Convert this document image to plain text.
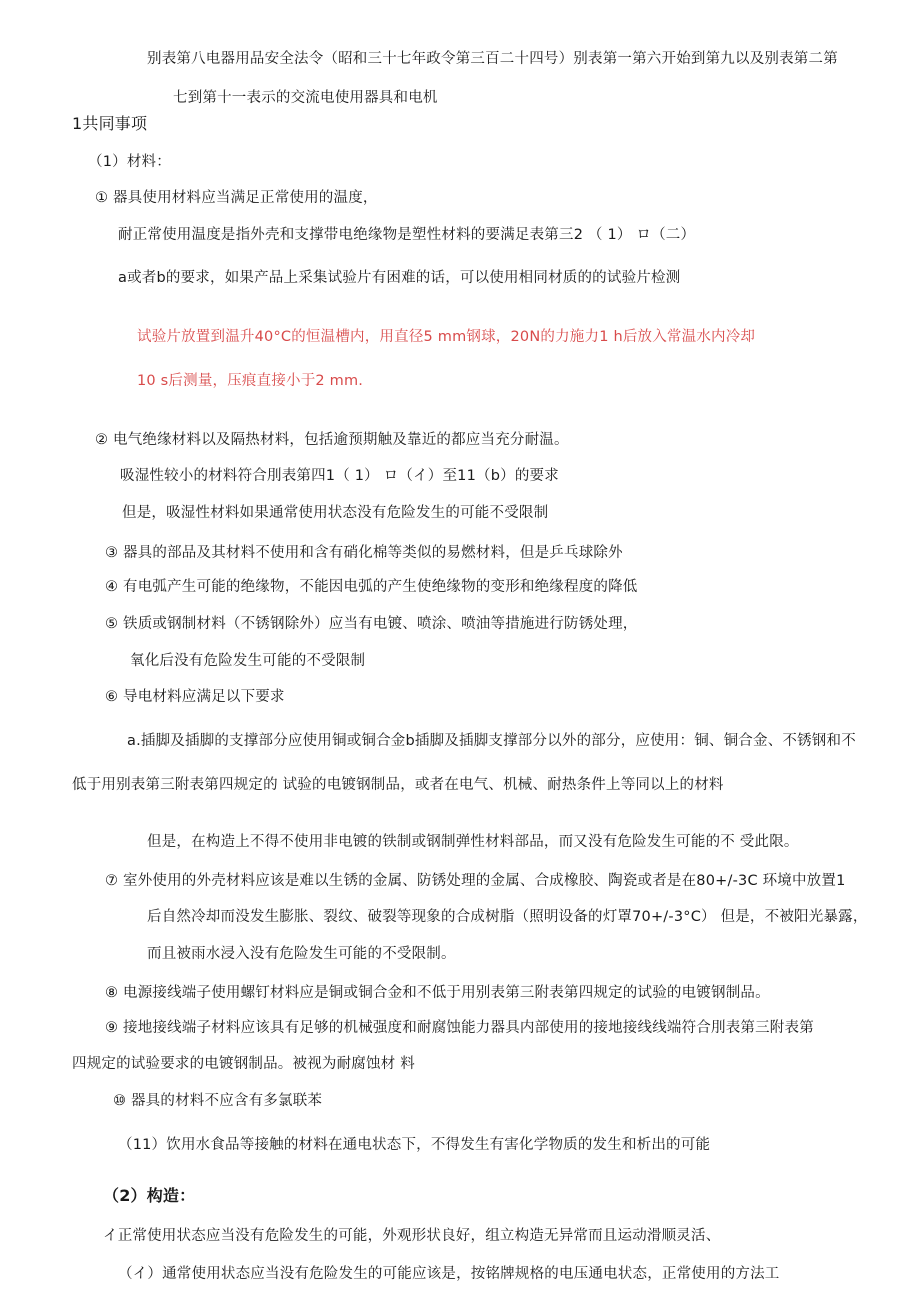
别表第八电器用品安全法令（昭和三十七年政令第三百二十四号）别表第一第六开始到第九以及别表第二第
七到第十一表示的交流电使用器具和电机
1共同事项
（1）材料：
① 器具使用材料应当满足正常使用的温度，
耐正常使用温度是指外壳和支撑带电绝缘物是塑性材料的要满足表第三2 （ 1） ロ（二）
a或者b的要求，如果产品上采集试验片有困难的话，可以使用相同材质的的试验片检测
试验片放置到温升40°C的恒温槽内，用直径5 mm钢球，20N的力施力1 h后放入常温水内冷却
10 s后测量，压痕直接小于2 mm.
② 电气绝缘材料以及隔热材料，包括逾预期触及靠近的都应当充分耐温。
吸湿性较小的材料符合刖表第四1（ 1） ロ（イ）至11（b）的要求
但是，吸湿性材料如果通常使用状态没有危险发生的可能不受限制
③ 器具的部品及其材料不使用和含有硝化棉等类似的易燃材料，但是乒乓球除外
④ 有电弧产生可能的绝缘物，不能因电弧的产生使绝缘物的变形和绝缘程度的降低
⑤ 铁质或钢制材料（不锈钢除外）应当有电镀、喷涂、喷油等措施进行防锈处理，
氧化后没有危险发生可能的不受限制
⑥ 导电材料应满足以下要求
a.插脚及插脚的支撑部分应使用铜或铜合金b插脚及插脚支撑部分以外的部分，应使用：铜、铜合金、不锈钢和不
低于用别表第三附表第四规定的 试验的电镀钢制品，或者在电气、机械、耐热条件上等同以上的材料
但是，在构造上不得不使用非电镀的铁制或钢制弹性材料部品，而又没有危险发生可能的不 受此限。
⑦ 室外使用的外壳材料应该是难以生锈的金属、防锈处理的金属、合成橡胶、陶瓷或者是在80+/-3C 环境中放置1
后自然冷却而没发生膨胀、裂纹、破裂等现象的合成树脂（照明设备的灯罩70+/-3°C） 但是，不被阳光暴露，
而且被雨水浸入没有危险发生可能的不受限制。
⑧ 电源接线端子使用螺钉材料应是铜或铜合金和不低于用别表第三附表第四规定的试验的电镀钢制品。
⑨ 接地接线端子材料应该具有足够的机械强度和耐腐蚀能力器具内部使用的接地接线线端符合刖表第三附表第
四规定的试验要求的电镀钢制品。被视为耐腐蚀材 料
⑩ 器具的材料不应含有多氯联苯
（11）饮用水食品等接触的材料在通电状态下，不得发生有害化学物质的发生和析出的可能
（2）构造：
イ正常使用状态应当没有危险发生的可能，外观形状良好，组立构造无异常而且运动滑顺灵活、
（イ）通常使用状态应当没有危险发生的可能应该是，按铭牌规格的电压通电状态，正常使用的方法工
